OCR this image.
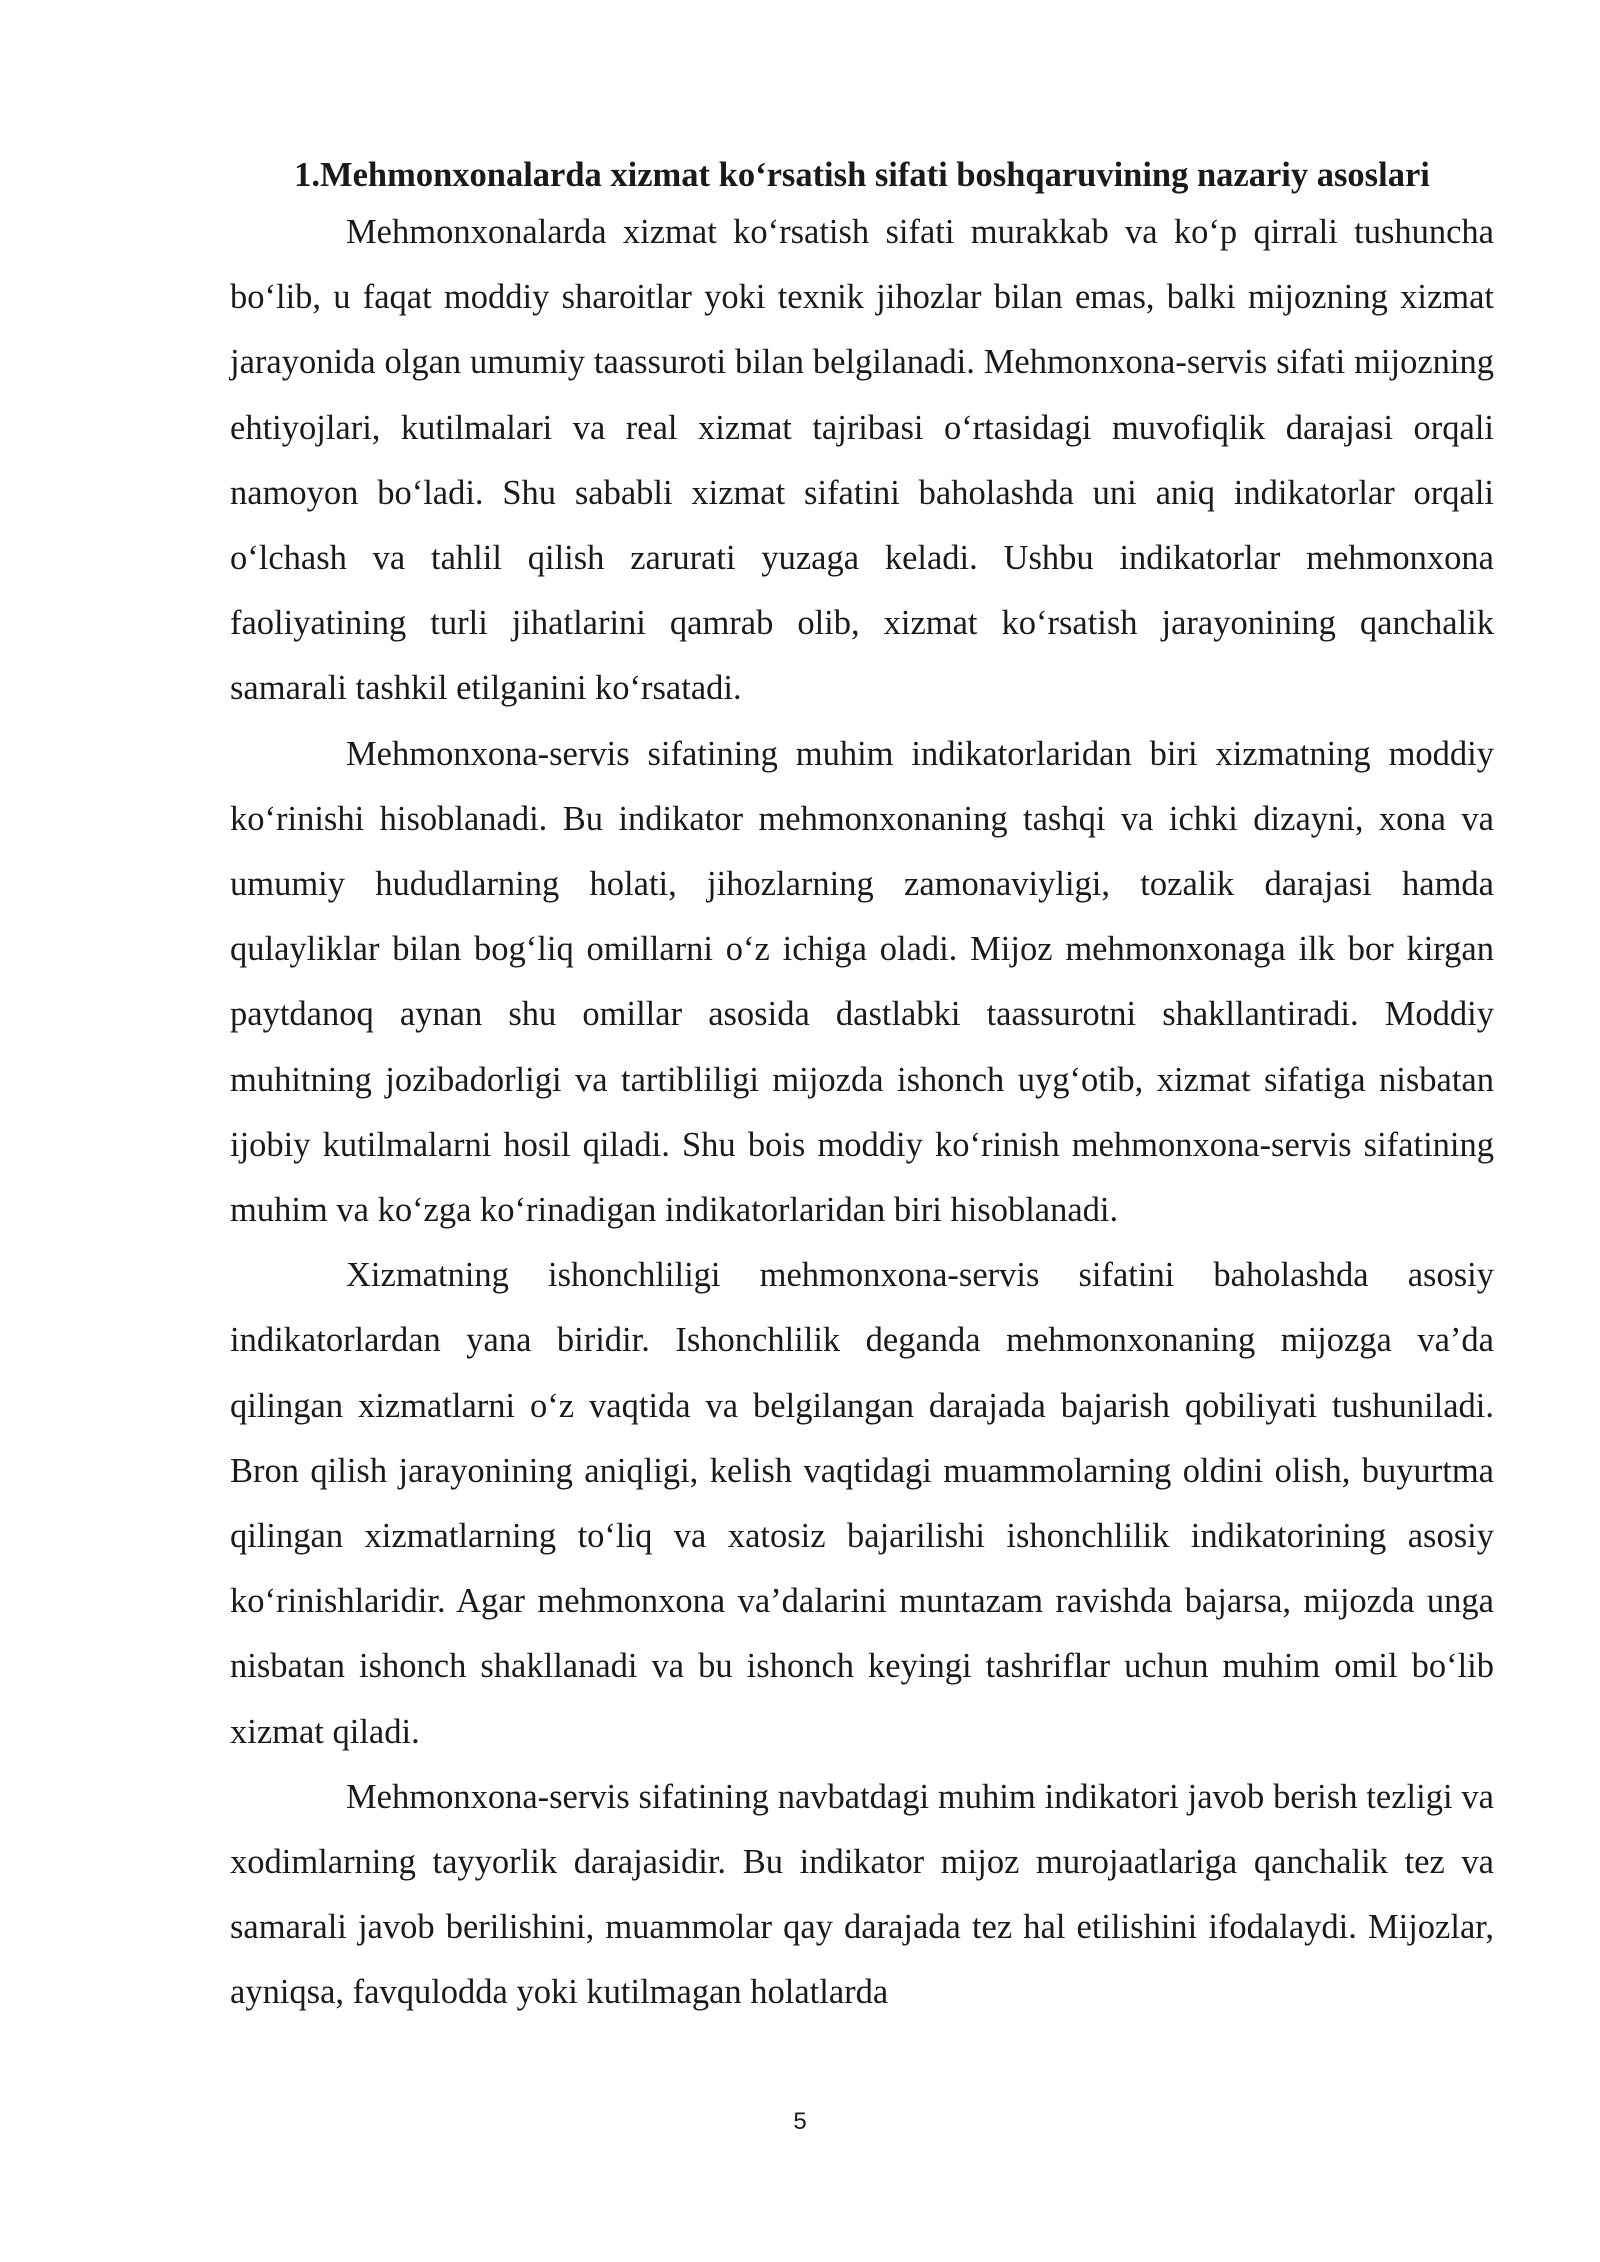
1.Mehmonxonalarda xizmat ko‘rsatish sifati boshqaruvining nazariy asoslari

Mehmonxonalarda xizmat ko‘rsatish sifati murakkab va ko‘p qirrali tushuncha bo‘lib, u faqat moddiy sharoitlar yoki texnik jihozlar bilan emas, balki mijozning xizmat jarayonida olgan umumiy taassuroti bilan belgilanadi. Mehmonxona-servis sifati mijozning ehtiyojlari, kutilmalari va real xizmat tajribasi o‘rtasidagi muvofiqlik darajasi orqali namoyon bo‘ladi. Shu sababli xizmat sifatini baholashda uni aniq indikatorlar orqali o‘lchash va tahlil qilish zarurati yuzaga keladi. Ushbu indikatorlar mehmonxona faoliyatining turli jihatlarini qamrab olib, xizmat ko‘rsatish jarayonining qanchalik samarali tashkil etilganini ko‘rsatadi.

Mehmonxona-servis sifatining muhim indikatorlaridan biri xizmatning moddiy ko‘rinishi hisoblanadi. Bu indikator mehmonxonaning tashqi va ichki dizayni, xona va umumiy hududlarning holati, jihozlarning zamonaviyligi, tozalik darajasi hamda qulayliklar bilan bog‘liq omillarni o‘z ichiga oladi. Mijoz mehmonxonaga ilk bor kirgan paytdanoq aynan shu omillar asosida dastlabki taassurotni shakllantiradi. Moddiy muhitning jozibadorligi va tartibliligi mijozda ishonch uyg‘otib, xizmat sifatiga nisbatan ijobiy kutilmalarni hosil qiladi. Shu bois moddiy ko‘rinish mehmonxona-servis sifatining muhim va ko‘zga ko‘rinadigan indikatorlaridan biri hisoblanadi.

Xizmatning ishonchliligi mehmonxona-servis sifatini baholashda asosiy indikatorlardan yana biridir. Ishonchlilik deganda mehmonxonaning mijozga va’da qilingan xizmatlarni o‘z vaqtida va belgilangan darajada bajarish qobiliyati tushuniladi. Bron qilish jarayonining aniqligi, kelish vaqtidagi muammolarning oldini olish, buyurtma qilingan xizmatlarning to‘liq va xatosiz bajarilishi ishonchlilik indikatorining asosiy ko‘rinishlaridir. Agar mehmonxona va’dalarini muntazam ravishda bajarsa, mijozda unga nisbatan ishonch shakllanadi va bu ishonch keyingi tashriflar uchun muhim omil bo‘lib xizmat qiladi.

Mehmonxona-servis sifatining navbatdagi muhim indikatori javob berish tezligi va xodimlarning tayyorlik darajasidir. Bu indikator mijoz murojaatlariga qanchalik tez va samarali javob berilishini, muammolar qay darajada tez hal etilishini ifodalaydi. Mijozlar, ayniqsa, favqulodda yoki kutilmagan holatlarda

5
